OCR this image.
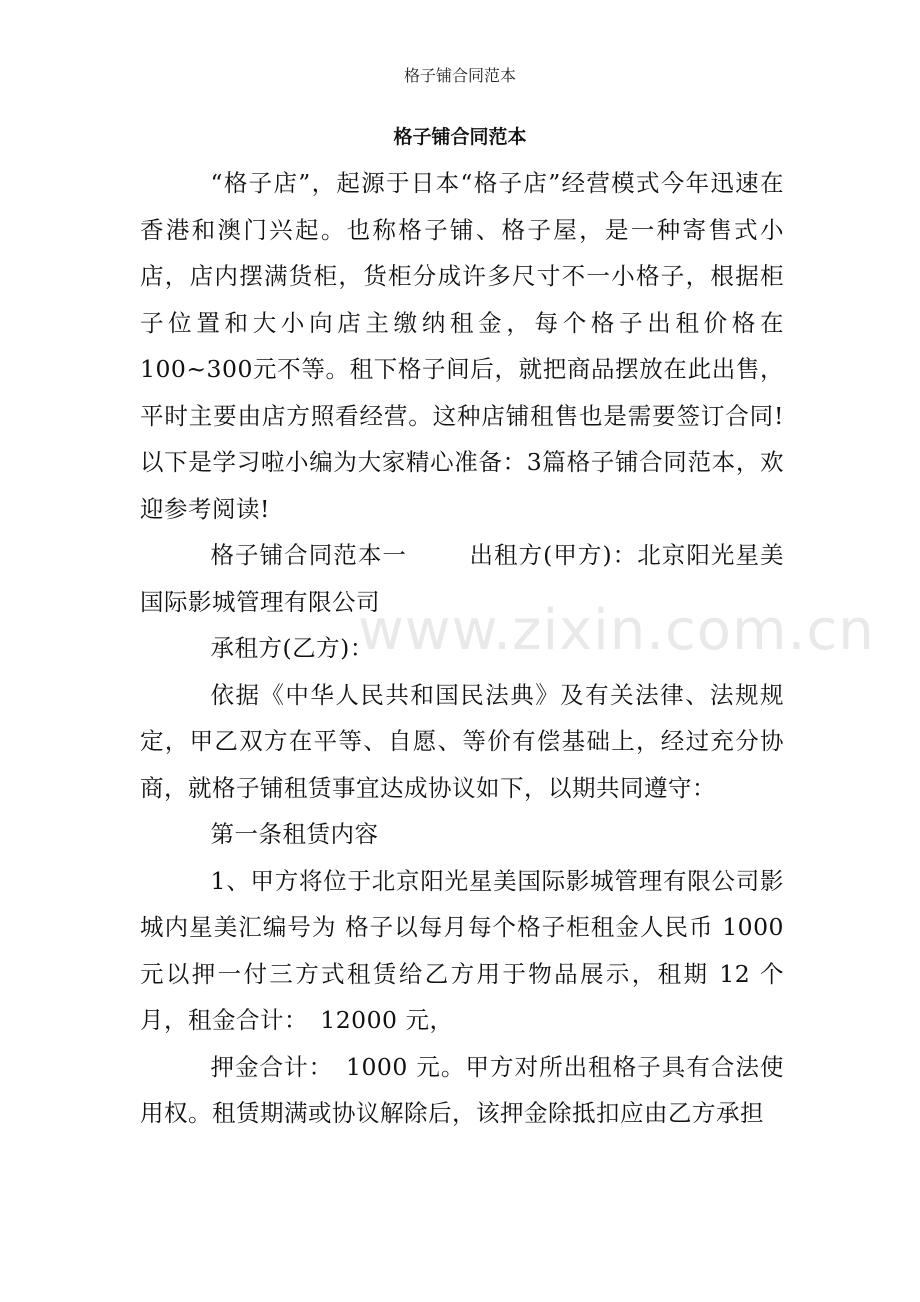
格子铺合同范本
格子铺合同范本

“格子店”，起源于日本“格子店”经营模式今年迅速在香港和澳门兴起。也称格子铺、格子屋，是一种寄售式小店，店内摆满货柜，货柜分成许多尺寸不一小格子，根据柜子位置和大小向店主缴纳租金，每个格子出租价格在100~300元不等。租下格子间后，就把商品摆放在此出售，平时主要由店方照看经营。这种店铺租售也是需要签订合同!以下是学习啦小编为大家精心准备：3篇格子铺合同范本，欢迎参考阅读!

格子铺合同范本一	出租方(甲方)：北京阳光星美国际影城管理有限公司

承租方(乙方)：

依据《中华人民共和国民法典》及有关法律、法规规定，甲乙双方在平等、自愿、等价有偿基础上，经过充分协商，就格子铺租赁事宜达成协议如下，以期共同遵守：

第一条租赁内容

1、甲方将位于北京阳光星美国际影城管理有限公司影城内星美汇编号为 格子以每月每个格子柜租金人民币 1000 元以押一付三方式租赁给乙方用于物品展示，租期 12 个月，租金合计：　12000 元，

押金合计：　1000 元。甲方对所出租格子具有合法使用权。租赁期满或协议解除后，该押金除抵扣应由乙方承担

www.zixin.com.cn
